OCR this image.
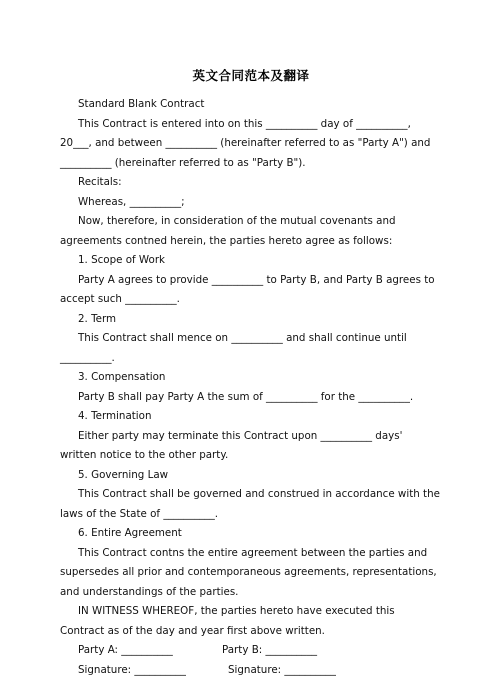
英文合同范本及翻译

Standard Blank Contract

This Contract is entered into on this __________ day of __________, 20___, and between __________ (hereinafter referred to as "Party A") and __________ (hereinafter referred to as "Party B").

Recitals:

Whereas, __________;

Now, therefore, in consideration of the mutual covenants and agreements contned herein, the parties hereto agree as follows:

1. Scope of Work

Party A agrees to provide __________ to Party B, and Party B agrees to accept such __________.

2. Term

This Contract shall mence on __________ and shall continue until __________.

3. Compensation

Party B shall pay Party A the sum of __________ for the __________.

4. Termination

Either party may terminate this Contract upon __________ days' written notice to the other party.

5. Governing Law

This Contract shall be governed and construed in accordance with the laws of the State of __________.

6. Entire Agreement

This Contract contns the entire agreement between the parties and supersedes all prior and contemporaneous agreements, representations, and understandings of the parties.

IN WITNESS WHEREOF, the parties hereto have executed this Contract as of the day and year first above written.

Party A: __________	Party B: __________
Signature: __________	Signature: __________
